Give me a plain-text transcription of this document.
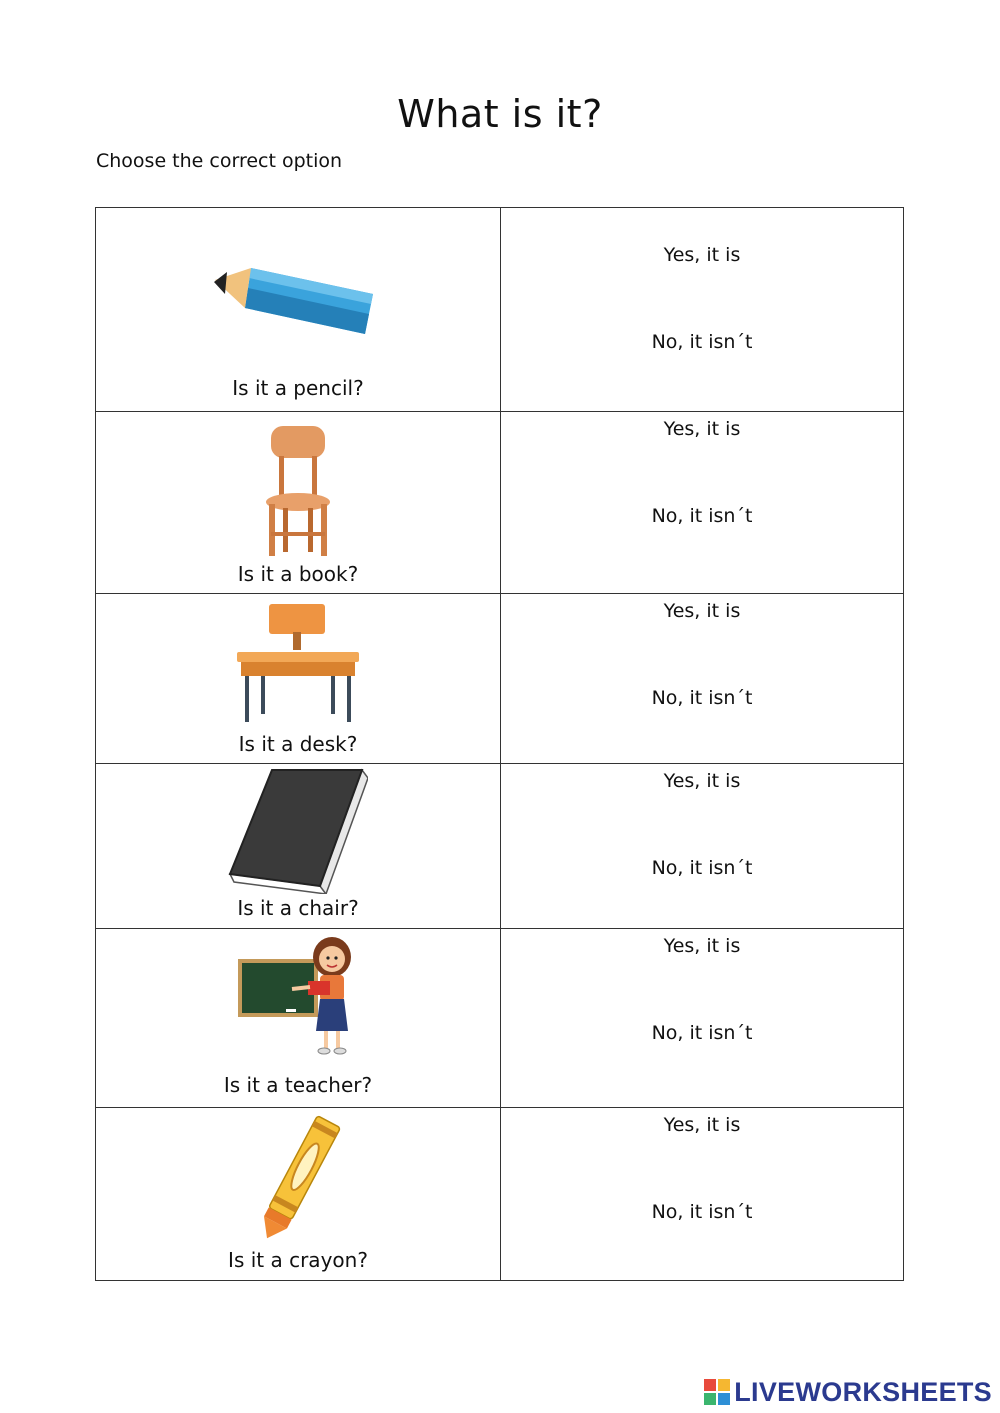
What is it?
Choose the correct option
Is it a pencil?	Yes, it is
No, it isn´t

Is it a book?	Yes, it is
No, it isn´t

Is it a desk?	Yes, it is
No, it isn´t

Is it a chair?	Yes, it is
No, it isn´t

Is it a teacher?	Yes, it is
No, it isn´t

Is it a crayon?	Yes, it is
No, it isn´t
LIVEWORKSHEETS
